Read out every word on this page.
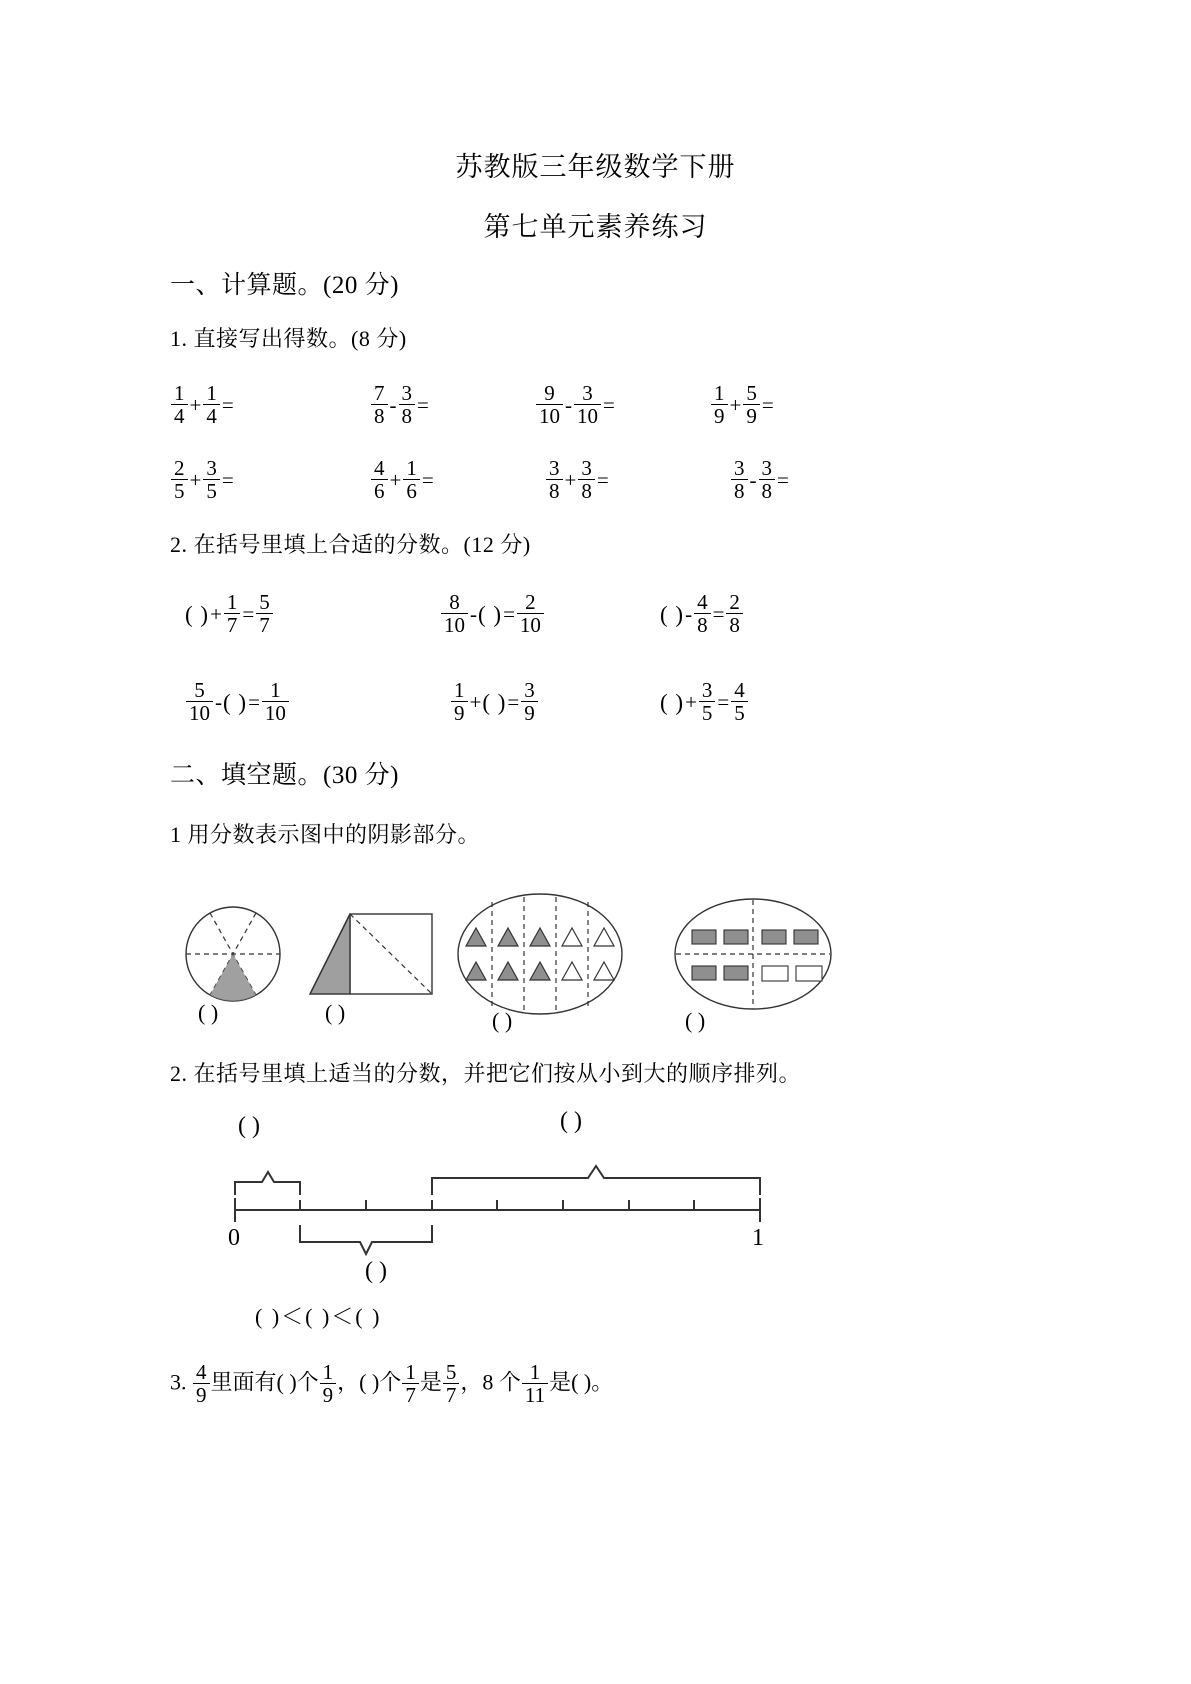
苏教版三年级数学下册
第七单元素养练习
一、计算题。(20 分)
1. 直接写出得数。(8 分)
$\frac{1}{4} + \frac{1}{4}$ =	$\frac{7}{8} - \frac{3}{8}$ =	$\frac{9}{10} - \frac{3}{10}$ =	$\frac{1}{9} + \frac{5}{9}$ =
$\frac{2}{5} + \frac{3}{5}$ =	$\frac{4}{6} + \frac{1}{6}$ =	$\frac{3}{8} + \frac{3}{8}$ =	$\frac{3}{8} - \frac{3}{8}$ =
2. 在括号里填上合适的分数。(12 分)
( )+ $\frac{1}{7} = \frac{5}{7}$	$\frac{8}{10}$ -( )= $\frac{2}{10}$	( )- $\frac{4}{8} = \frac{2}{8}$
$\frac{5}{10}$ -( )= $\frac{1}{10}$	$\frac{1}{9}$ +( )= $\frac{3}{9}$	( )+ $\frac{3}{5} = \frac{4}{5}$
二、填空题。(30 分)
1 用分数表示图中的阴影部分。
( )	( )	( )	( )
2. 在括号里填上适当的分数，并把它们按从小到大的顺序排列。
0	1
( )	( )
( )
( )＜( )＜( )
3. $\frac{4}{9}$ 里面有( )个 $\frac{1}{9}$ ，( )个 $\frac{1}{7}$ 是 $\frac{5}{7}$ ，8 个 $\frac{1}{11}$ 是( )。
